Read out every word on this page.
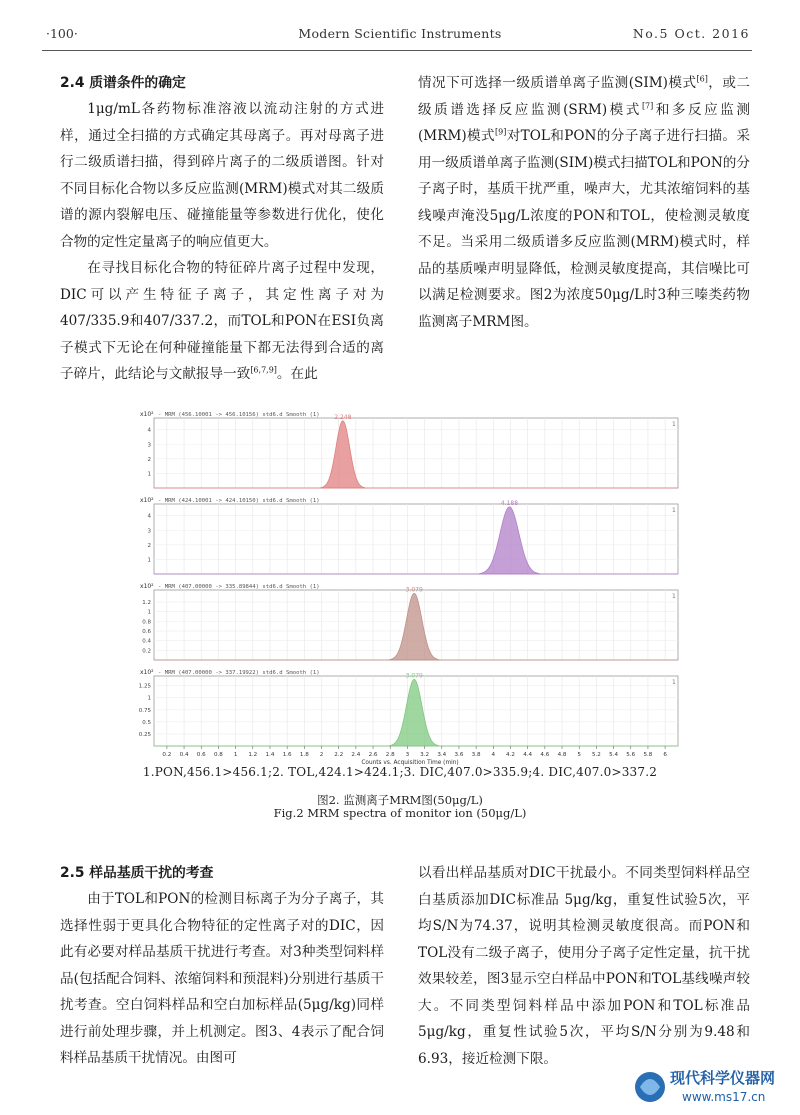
·100·	Modern Scientific Instruments	No.5 Oct. 2016
2.4 质谱条件的确定

1μg/mL各药物标准溶液以流动注射的方式进样，通过全扫描的方式确定其母离子。再对母离子进行二级质谱扫描，得到碎片离子的二级质谱图。针对不同目标化合物以多反应监测(MRM)模式对其二级质谱的源内裂解电压、碰撞能量等参数进行优化，使化合物的定性定量离子的响应值更大。

在寻找目标化合物的特征碎片离子过程中发现，DIC可以产生特征子离子，其定性离子对为407/335.9和407/337.2，而TOL和PON在ESI负离子模式下无论在何种碰撞能量下都无法得到合适的离子碎片，此结论与文献报导一致[6,7,9]。在此

情况下可选择一级质谱单离子监测(SIM)模式[6]，或二级质谱选择反应监测(SRM)模式[7]和多反应监测(MRM)模式[9]对TOL和PON的分子离子进行扫描。采用一级质谱单离子监测(SIM)模式扫描TOL和PON的分子离子时，基质干扰严重，噪声大，尤其浓缩饲料的基线噪声淹没5μg/L浓度的PON和TOL，使检测灵敏度不足。当采用二级质谱多反应监测(MRM)模式时，样品的基质噪声明显降低，检测灵敏度提高，其信噪比可以满足检测要求。图2为浓度50μg/L时3种三嗪类药物监测离子MRM图。

4
3
2
1
x10² - MRM (456.10001 -> 456.10156) std6.d Smooth (1)
1
2.248
4
3
2
1
x10² - MRM (424.10001 -> 424.10150) std6.d Smooth (1)
1
4.188
1.2
1
0.8
0.6
0.4
0.2
x10² - MRM (407.00000 -> 335.89844) std6.d Smooth (1)
1
3.079
1.25
1
0.75
0.5
0.25
x10² - MRM (407.00000 -> 337.19922) std6.d Smooth (1)
1
3.079
0.2 0.4 0.6 0.8 1 1.2 1.4 1.6 1.8 2 2.2 2.4 2.6 2.8 3 3.2 3.4 3.6 3.8 4 4.2 4.4 4.6 4.8 5 5.2 5.4 5.6 5.8 6
Counts vs. Acquisition Time (min)
1.PON,456.1>456.1;2. TOL,424.1>424.1;3. DIC,407.0>335.9;4. DIC,407.0>337.2
图2. 监测离子MRM图(50μg/L)
Fig.2 MRM spectra of monitor ion (50μg/L)
2.5 样品基质干扰的考查

由于TOL和PON的检测目标离子为分子离子，其选择性弱于更具化合物特征的定性离子对的DIC，因此有必要对样品基质干扰进行考查。对3种类型饲料样品(包括配合饲料、浓缩饲料和预混料)分别进行基质干扰考查。空白饲料样品和空白加标样品(5μg/kg)同样进行前处理步骤，并上机测定。图3、4表示了配合饲料样品基质干扰情况。由图可

以看出样品基质对DIC干扰最小。不同类型饲料样品空白基质添加DIC标准品 5μg/kg，重复性试验5次，平均S/N为74.37，说明其检测灵敏度很高。而PON和TOL没有二级子离子，使用分子离子定性定量，抗干扰效果较差，图3显示空白样品中PON和TOL基线噪声较大。不同类型饲料样品中添加PON和TOL标准品 5μg/kg，重复性试验5次，平均S/N分别为9.48和6.93，接近检测下限。

现代科学仪器网
www.ms17.cn
